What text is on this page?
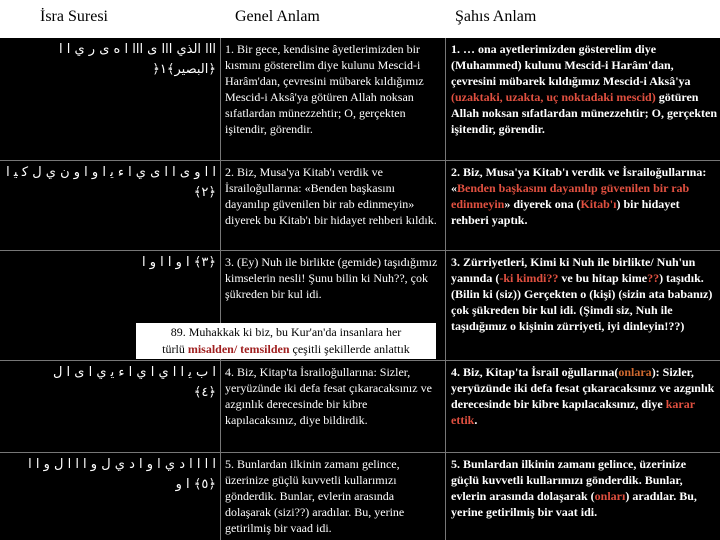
İsra Suresi	Genel Anlam	Şahıs Anlam
ﺍﺍﺍ ﺍﻟﺬﻱ ﺍﺍﺍ ﻯ ﺍﺍﺍ ﺍ ﻩ ﻯ ﺭ ﻱ ﺍ ﺍ
﴿ﺍﻟﺒﺼﻴﺮ﴾١﴿
1. Bir gece, kendisine âyetlerimizden bir kısmını gösterelim diye kulunu Mescid-i Harâm'dan, çevresini mübarek kıldığımız Mescid-i Aksâ'ya götüren Allah noksan sıfatlardan münezzehtir; O, gerçekten işitendir, görendir.
1. … ona ayetlerimizden gösterelim diye (Muhammed) kulunu Mescid-i Harâm'dan, çevresini mübarek kıldığımız Mescid-i Aksâ'ya (uzaktaki, uzakta, uç noktadaki mescid) götüren Allah noksan sıfatlardan münezzehtir; O, gerçekten işitendir, görendir.
ﺍ ﺍ ﻭ ﻯ ﺍ ﺍ ﻯ ﻱ ﺍ ﺀ ﻳ ﺍ ﻭ ﺍ ﻭ ﻥ ﻱ ﻝ ﻛ ﻴ ﺍ
﴿٢﴾
2. Biz, Musa'ya Kitab'ı verdik ve İsrailoğullarına: «Benden başkasını dayanılıp güvenilen bir rab edinmeyin» diyerek bu Kitab'ı bir hidayet rehberi kıldık.
2. Biz, Musa'ya Kitab'ı verdik ve İsrailoğullarına: «Benden başkasını dayanılıp güvenilen bir rab edinmeyin» diyerek ona (Kitab'ı) bir hidayet rehberi yaptık.
﴿٣﴾ ﺍ ﻭ ﺍ ﺍ ﻭ ﺍ 3. (Ey) Nuh ile birlikte (gemide) taşıdığımız kimselerin nesli! Şunu bilin ki Nuh??, çok şükreden bir kul idi.
3. Zürriyetleri, Kimi ki Nuh ile birlikte/ Nuh'un yanında (-ki kimdi?? ve bu hitap kime??) taşıdık. (Bilin ki (siz)) Gerçekten o (kişi) (sizin ata babanız) çok şükreden bir kul idi. (Şimdi siz, Nuh ile taşıdığımız o kişinin zürriyeti, iyi dinleyin!??)
89. Muhakkak ki biz, bu Kur'an'da insanlara her
türlü misalden/ temsilden çeşitli şekillerde anlattık
ﺍ ﺏ ﻳ ﺍ ﺍ ﻱ ﺍ ﻱ ﺍ ﺀ ﻳ ﻱ ﺍ ﻯ ﺍ ﻝ
﴿٤﴾
4. Biz, Kitap'ta İsrailoğullarına: Sizler, yeryüzünde iki defa fesat çıkaracaksınız ve azgınlık derecesinde bir kibre kapılacaksınız, diye bildirdik.
4. Biz, Kitap'ta İsrail oğullarına(onlara): Sizler, yeryüzünde iki defa fesat çıkaracaksınız ve azgınlık derecesinde bir kibre kapılacaksınız, diye karar ettik.
ﺍ ﺍ ﺍ ﺍ ﺩ ﻱ ﺍ ﻭ ﺍ ﺩ ﻱ ﻝ ﻭ ﺍ ﺍ ﺍ ﻝ ﻭ ﺍ ﺍ
﴿٥﴾ ﺍ ﻭ
5. Bunlardan ilkinin zamanı gelince, üzerinize güçlü kuvvetli kullarımızı gönderdik. Bunlar, evlerin arasında dolaşarak (sizi??) aradılar. Bu, yerine getirilmiş bir vaad idi.
5. Bunlardan ilkinin zamanı gelince, üzerinize güçlü kuvvetli kullarımızı gönderdik. Bunlar, evlerin arasında dolaşarak (onları) aradılar. Bu, yerine getirilmiş bir vaat idi.
